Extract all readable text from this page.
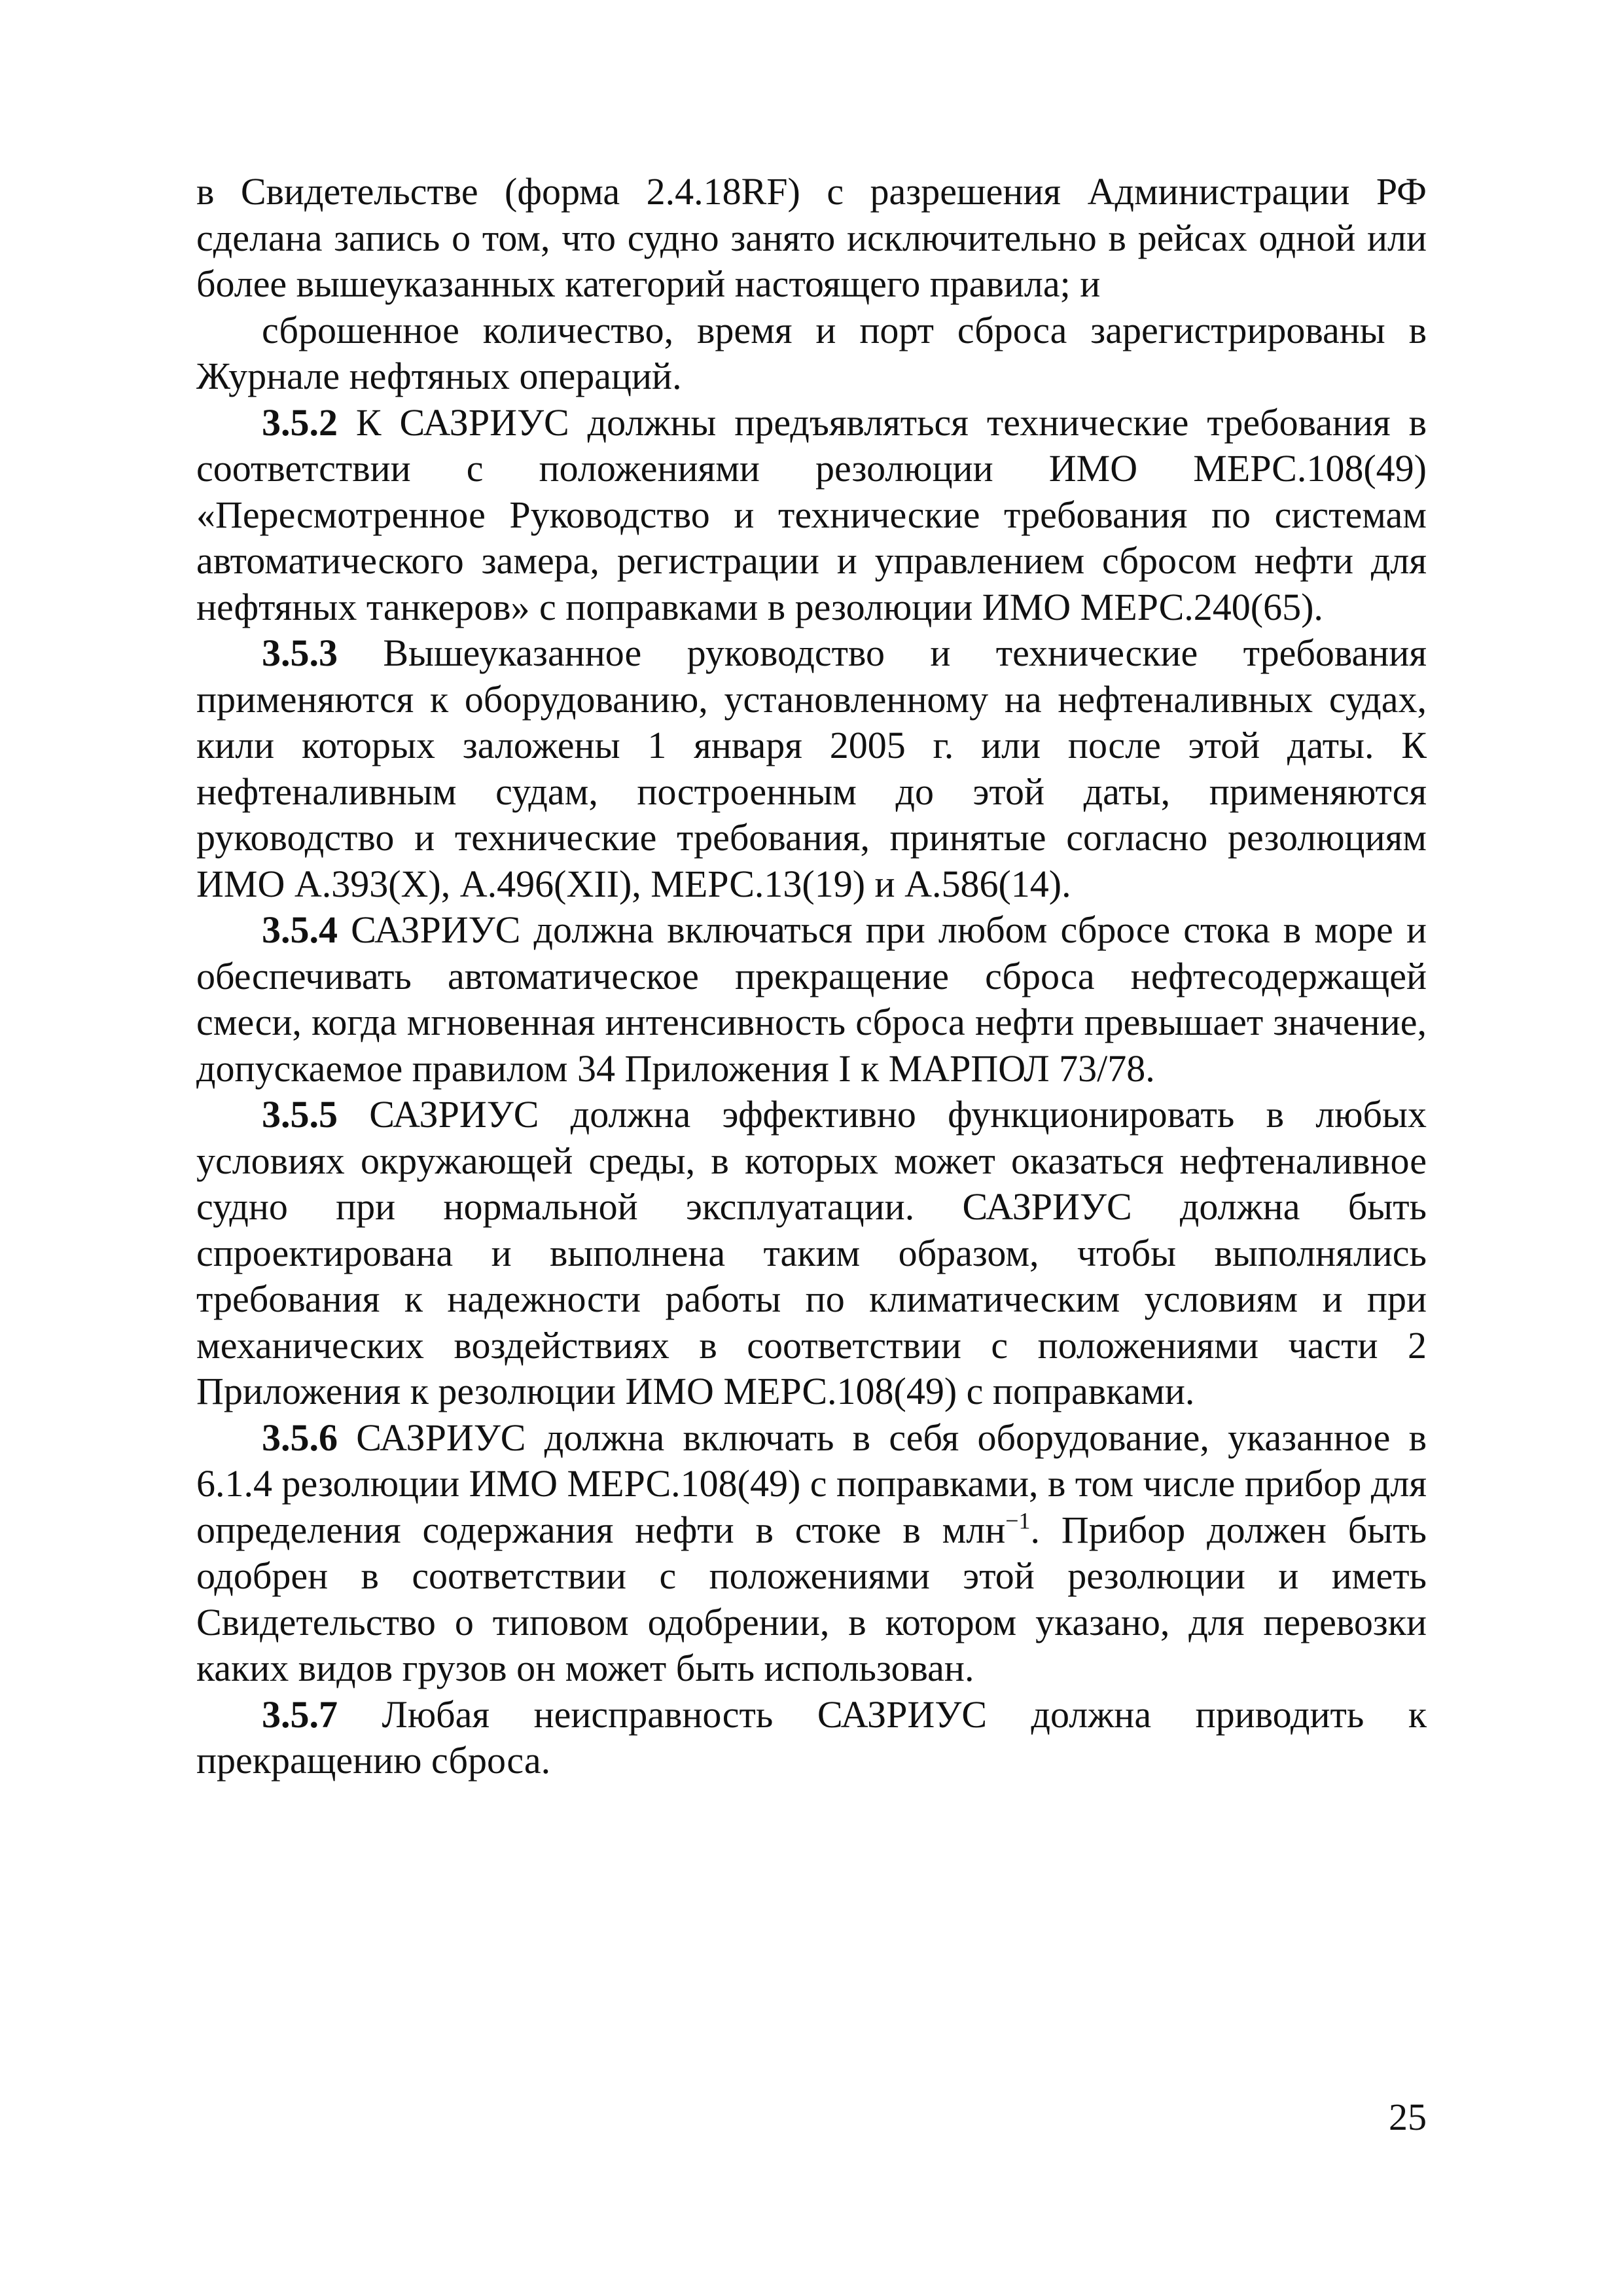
в Свидетельстве (форма 2.4.18RF) с разрешения Администрации РФ сделана запись о том, что судно занято исключительно в рейсах одной или более вышеуказанных категорий настоящего правила; и

сброшенное количество, время и порт сброса зарегистрированы в Журнале нефтяных операций.

3.5.2 К САЗРИУС должны предъявляться технические требования в соответствии с положениями резолюции ИМО МЕРС.108(49) «Пересмотренное Руководство и технические требования по системам автоматического замера, регистрации и управлением сбросом нефти для нефтяных танкеров» с поправками в резолюции ИМО МЕРС.240(65).

3.5.3 Вышеуказанное руководство и технические требования применяются к оборудованию, установленному на нефтеналивных судах, кили которых заложены 1 января 2005 г. или после этой даты. К нефтеналивным судам, построенным до этой даты, применяются руководство и технические требования, принятые согласно резолюциям ИМО А.393(X), А.496(XII), МЕРС.13(19) и А.586(14).

3.5.4 САЗРИУС должна включаться при любом сбросе стока в море и обеспечивать автоматическое прекращение сброса нефтесодержащей смеси, когда мгновенная интенсивность сброса нефти превышает значение, допускаемое правилом 34 Приложения I к МАРПОЛ 73/78.

3.5.5 САЗРИУС должна эффективно функционировать в любых условиях окружающей среды, в которых может оказаться нефтеналивное судно при нормальной эксплуатации. САЗРИУС должна быть спроектирована и выполнена таким образом, чтобы выполнялись требования к надежности работы по климатическим условиям и при механических воздействиях в соответствии с положениями части 2 Приложения к резолюции ИМО МЕРС.108(49) с поправками.

3.5.6 САЗРИУС должна включать в себя оборудование, указанное в 6.1.4 резолюции ИМО МЕРС.108(49) с поправками, в том числе прибор для определения содержания нефти в стоке в млн$^{-1}$. Прибор должен быть одобрен в соответствии с положениями этой резолюции и иметь Свидетельство о типовом одобрении, в котором указано, для перевозки каких видов грузов он может быть использован.

3.5.7 Любая неисправность САЗРИУС должна приводить к прекращению сброса.

25
